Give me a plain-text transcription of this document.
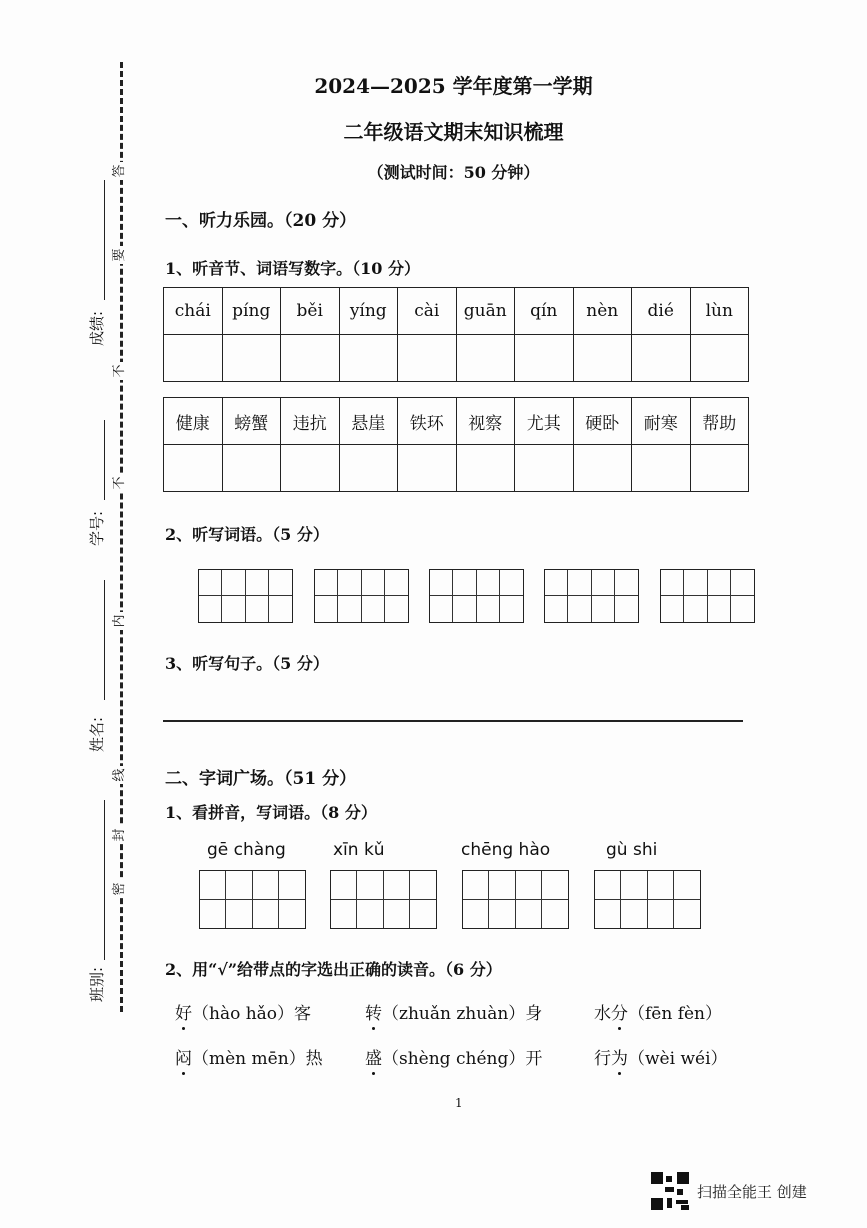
答
要
不
不
内
线
封
密
成绩:
学号:
姓名:
班别:
2024—2025 学年度第一学期
二年级语文期末知识梳理
（测试时间：50 分钟）
一、听力乐园。（20 分）
1、听音节、词语写数字。（10 分）
chái	píng	běi	yíng	cài	guān	qín	nèn	dié	lùn

健康	螃蟹	违抗	悬崖	铁环	视察	尤其	硬卧	耐寒	帮助

2、听写词语。（5 分）
3、听写句子。（5 分）
二、字词广场。（51 分）
1、看拼音，写词语。（8 分）
gē chàng	xīn kǔ	chēng hào	gù shi
2、用“√”给带点的字选出正确的读音。（6 分）
好（hào hǎo）客	转（zhuǎn zhuàn）身	水分（fēn fèn）
闷（mèn mēn）热 盛（shèng chéng）开	行为（wèi wéi）
1
扫描全能王 创建
